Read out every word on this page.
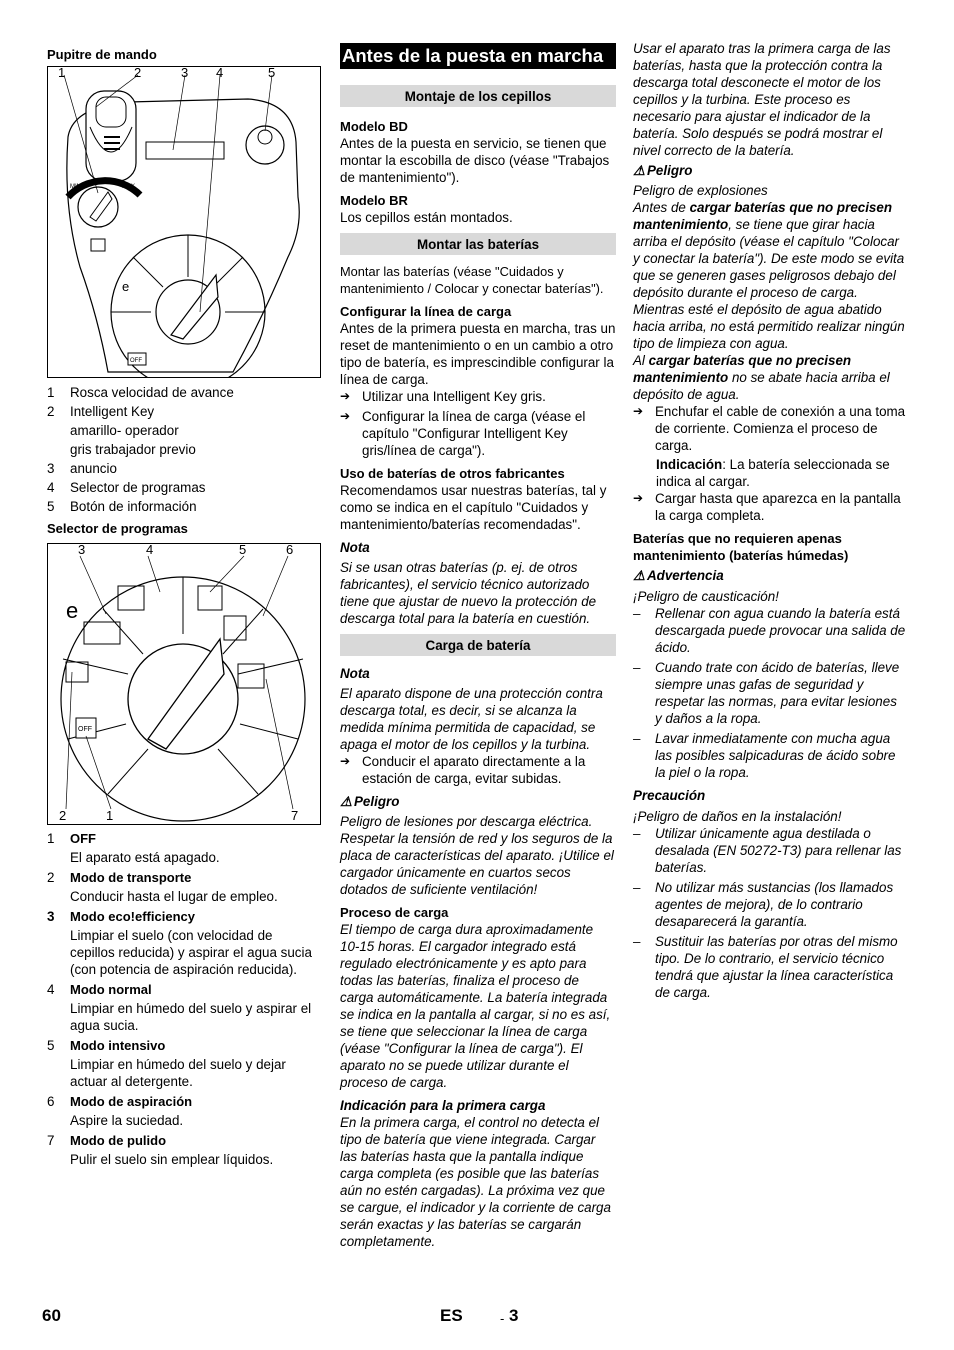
Pupitre de mando

MIN	MAX
OFF
e
1	2	3 4	5
1	Rosca velocidad de avance
2	Intelligent Key
amarillo- operador
gris trabajador previo
3	anuncio
4	Selector de programas
5	Botón de información

Selector de programas

OFF
e
3	4	5	6
2	1	7
1	OFF

El aparato está apagado.

2	Modo de transporte

Conducir hasta el lugar de empleo.

3	Modo eco!efficiency

Limpiar el suelo (con velocidad de cepillos reducida) y aspirar el agua sucia (con potencia de aspiración reducida).

4	Modo normal

Limpiar en húmedo del suelo y aspirar el agua sucia.

5	Modo intensivo

Limpiar en húmedo del suelo y dejar actuar al detergente.

6	Modo de aspiración

Aspire la suciedad.

7	Modo de pulido

Pulir el suelo sin emplear líquidos.

Antes de la puesta en marcha
Montaje de los cepillos

Modelo BD

Antes de la puesta en servicio, se tienen que montar la escobilla de disco (véase "Trabajos de mantenimiento").

Modelo BR

Los cepillos están montados.

Montar las baterías

Montar las baterías (véase "Cuidados y mantenimiento / Colocar y conectar baterías").

Configurar la línea de carga

Antes de la primera puesta en marcha, tras un reset de mantenimiento o en un cambio a otro tipo de batería, es imprescindible configurar la línea de carga.

➔ Utilizar una Intelligent Key gris.
➔ Configurar la línea de carga (véase el capítulo "Configurar Intelligent Key gris/línea de carga").

Uso de baterías de otros fabricantes

Recomendamos usar nuestras baterías, tal y como se indica en el capítulo "Cuidados y mantenimiento/baterías recomendadas".

Nota

Si se usan otras baterías (p. ej. de otros fabricantes), el servicio técnico autorizado tiene que ajustar de nuevo la protección de descarga total para la batería en cuestión.

Carga de batería

Nota

El aparato dispone de una protección contra descarga total, es decir, si se alcanza la medida mínima permitida de capacidad, se apaga el motor de los cepillos y la turbina.

➔ Conducir el aparato directamente a la estación de carga, evitar subidas.

⚠ Peligro

Peligro de lesiones por descarga eléctrica. Respetar la tensión de red y los seguros de la placa de características del aparato. ¡Utilice el cargador únicamente en cuartos secos dotados de suficiente ventilación!

Proceso de carga

El tiempo de carga dura aproximadamente 10-15 horas. El cargador integrado está regulado electrónicamente y es apto para todas las baterías, finaliza el proceso de carga automáticamente. La batería integrada se indica en la pantalla al cargar, si no es así, se tiene que seleccionar la línea de carga (véase "Configurar la línea de carga"). El aparato no se puede utilizar durante el proceso de carga.

Indicación para la primera carga

En la primera carga, el control no detecta el tipo de batería que viene integrada. Cargar las baterías hasta que la pantalla indique carga completa (es posible que las baterías aún no estén cargadas). La próxima vez que se cargue, el indicador y la corriente de carga serán exactas y las baterías se cargarán completamente.

Usar el aparato tras la primera carga de las baterías, hasta que la protección contra la descarga total desconecte el motor de los cepillos y la turbina. Este proceso es necesario para ajustar el indicador de la batería. Solo después se podrá mostrar el nivel correcto de la batería.

⚠ Peligro

Peligro de explosiones

Antes de cargar baterías que no precisen mantenimiento, se tiene que girar hacia arriba el depósito (véase el capítulo "Colocar y conectar la batería"). De este modo se evita que se generen gases peligrosos debajo del depósito durante el proceso de carga.

Mientras esté el depósito de agua abatido hacia arriba, no está permitido realizar ningún tipo de limpieza con agua.

Al cargar baterías que no precisen mantenimiento no se abate hacia arriba el depósito de agua.

➔ Enchufar el cable de conexión a una toma de corriente. Comienza el proceso de carga.

Indicación: La batería seleccionada se indica al cargar.

➔ Cargar hasta que aparezca en la pantalla la carga completa.

Baterías que no requieren apenas mantenimiento (baterías húmedas)

⚠ Advertencia

¡Peligro de causticación!

–	Rellenar con agua cuando la batería está descargada puede provocar una salida de ácido.
–	Cuando trate con ácido de baterías, lleve siempre unas gafas de seguridad y respetar las normas, para evitar lesiones y daños a la ropa.
–	Lavar inmediatamente con mucha agua las posibles salpicaduras de ácido sobre la piel o la ropa.

Precaución

¡Peligro de daños en la instalación!

–	Utilizar únicamente agua destilada o desalada (EN 50272-T3) para rellenar las baterías.
–	No utilizar más sustancias (los llamados agentes de mejora), de lo contrario desaparecerá la garantía.
–	Sustituir las baterías por otras del mismo tipo. De lo contrario, el servicio técnico tendrá que ajustar la línea característica de carga.
60	ES	- 3
